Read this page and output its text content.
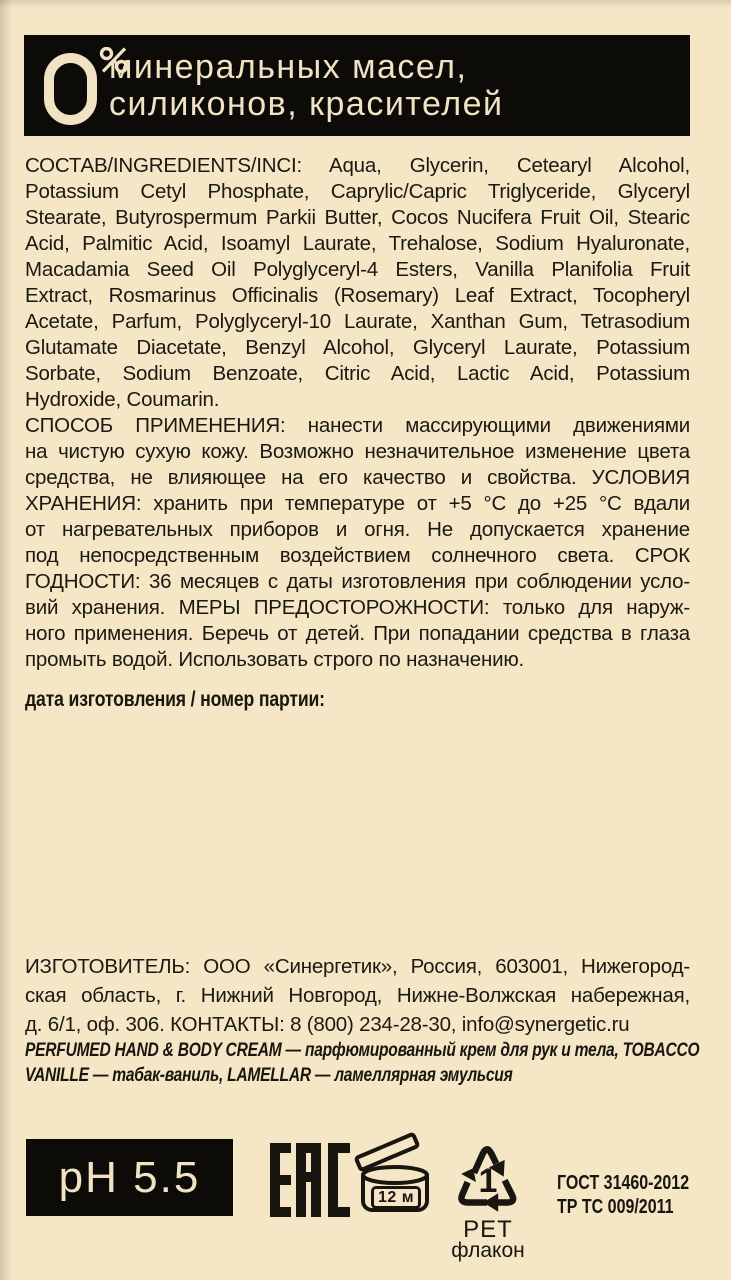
минеральных масел,
силиконов, красителей
СОСТАВ/INGREDIENTS/INCI: Aqua, Glycerin, Cetearyl Alcohol,
Potassium Cetyl Phosphate, Caprylic/Capric Triglyceride, Glyceryl
Stearate, Butyrospermum Parkii Butter, Cocos Nucifera Fruit Oil, Stearic
Acid, Palmitic Acid, Isoamyl Laurate, Trehalose, Sodium Hyaluronate,
Macadamia Seed Oil Polyglyceryl-4 Esters, Vanilla Planifolia Fruit
Extract, Rosmarinus Officinalis (Rosemary) Leaf Extract, Tocopheryl
Acetate, Parfum, Polyglyceryl-10 Laurate, Xanthan Gum, Tetrasodium
Glutamate Diacetate, Benzyl Alcohol, Glyceryl Laurate, Potassium
Sorbate, Sodium Benzoate, Citric Acid, Lactic Acid, Potassium
Hydroxide, Coumarin.
СПОСОБ ПРИМЕНЕНИЯ: нанести массирующими движениями
на чистую сухую кожу. Возможно незначительное изменение цвета
средства, не влияющее на его качество и свойства. УСЛОВИЯ
ХРАНЕНИЯ: хранить при температуре от +5 °С до +25 °С вдали
от нагревательных приборов и огня. Не допускается хранение
под непосредственным воздействием солнечного света. СРОК
ГОДНОСТИ: 36 месяцев с даты изготовления при соблюдении усло-
вий хранения. МЕРЫ ПРЕДОСТОРОЖНОСТИ: только для наруж-
ного применения. Беречь от детей. При попадании средства в глаза
промыть водой. Использовать строго по назначению.
дата изготовления / номер партии:
ИЗГОТОВИТЕЛЬ: ООО «Синергетик», Россия, 603001, Нижегород-
ская область, г. Нижний Новгород, Нижне-Волжская набережная,
д. 6/1, оф. 306. КОНТАКТЫ: 8 (800) 234-28-30, info@synergetic.ru
PERFUMED HAND & BODY CREAM — парфюмированный крем для рук и тела, TOBACCO
VANILLE — табак-ваниль, LAMELLAR — ламеллярная эмульсия
pH 5.5	12 м	1
PET
флакон
ГОСТ 31460-2012
ТР ТС 009/2011
